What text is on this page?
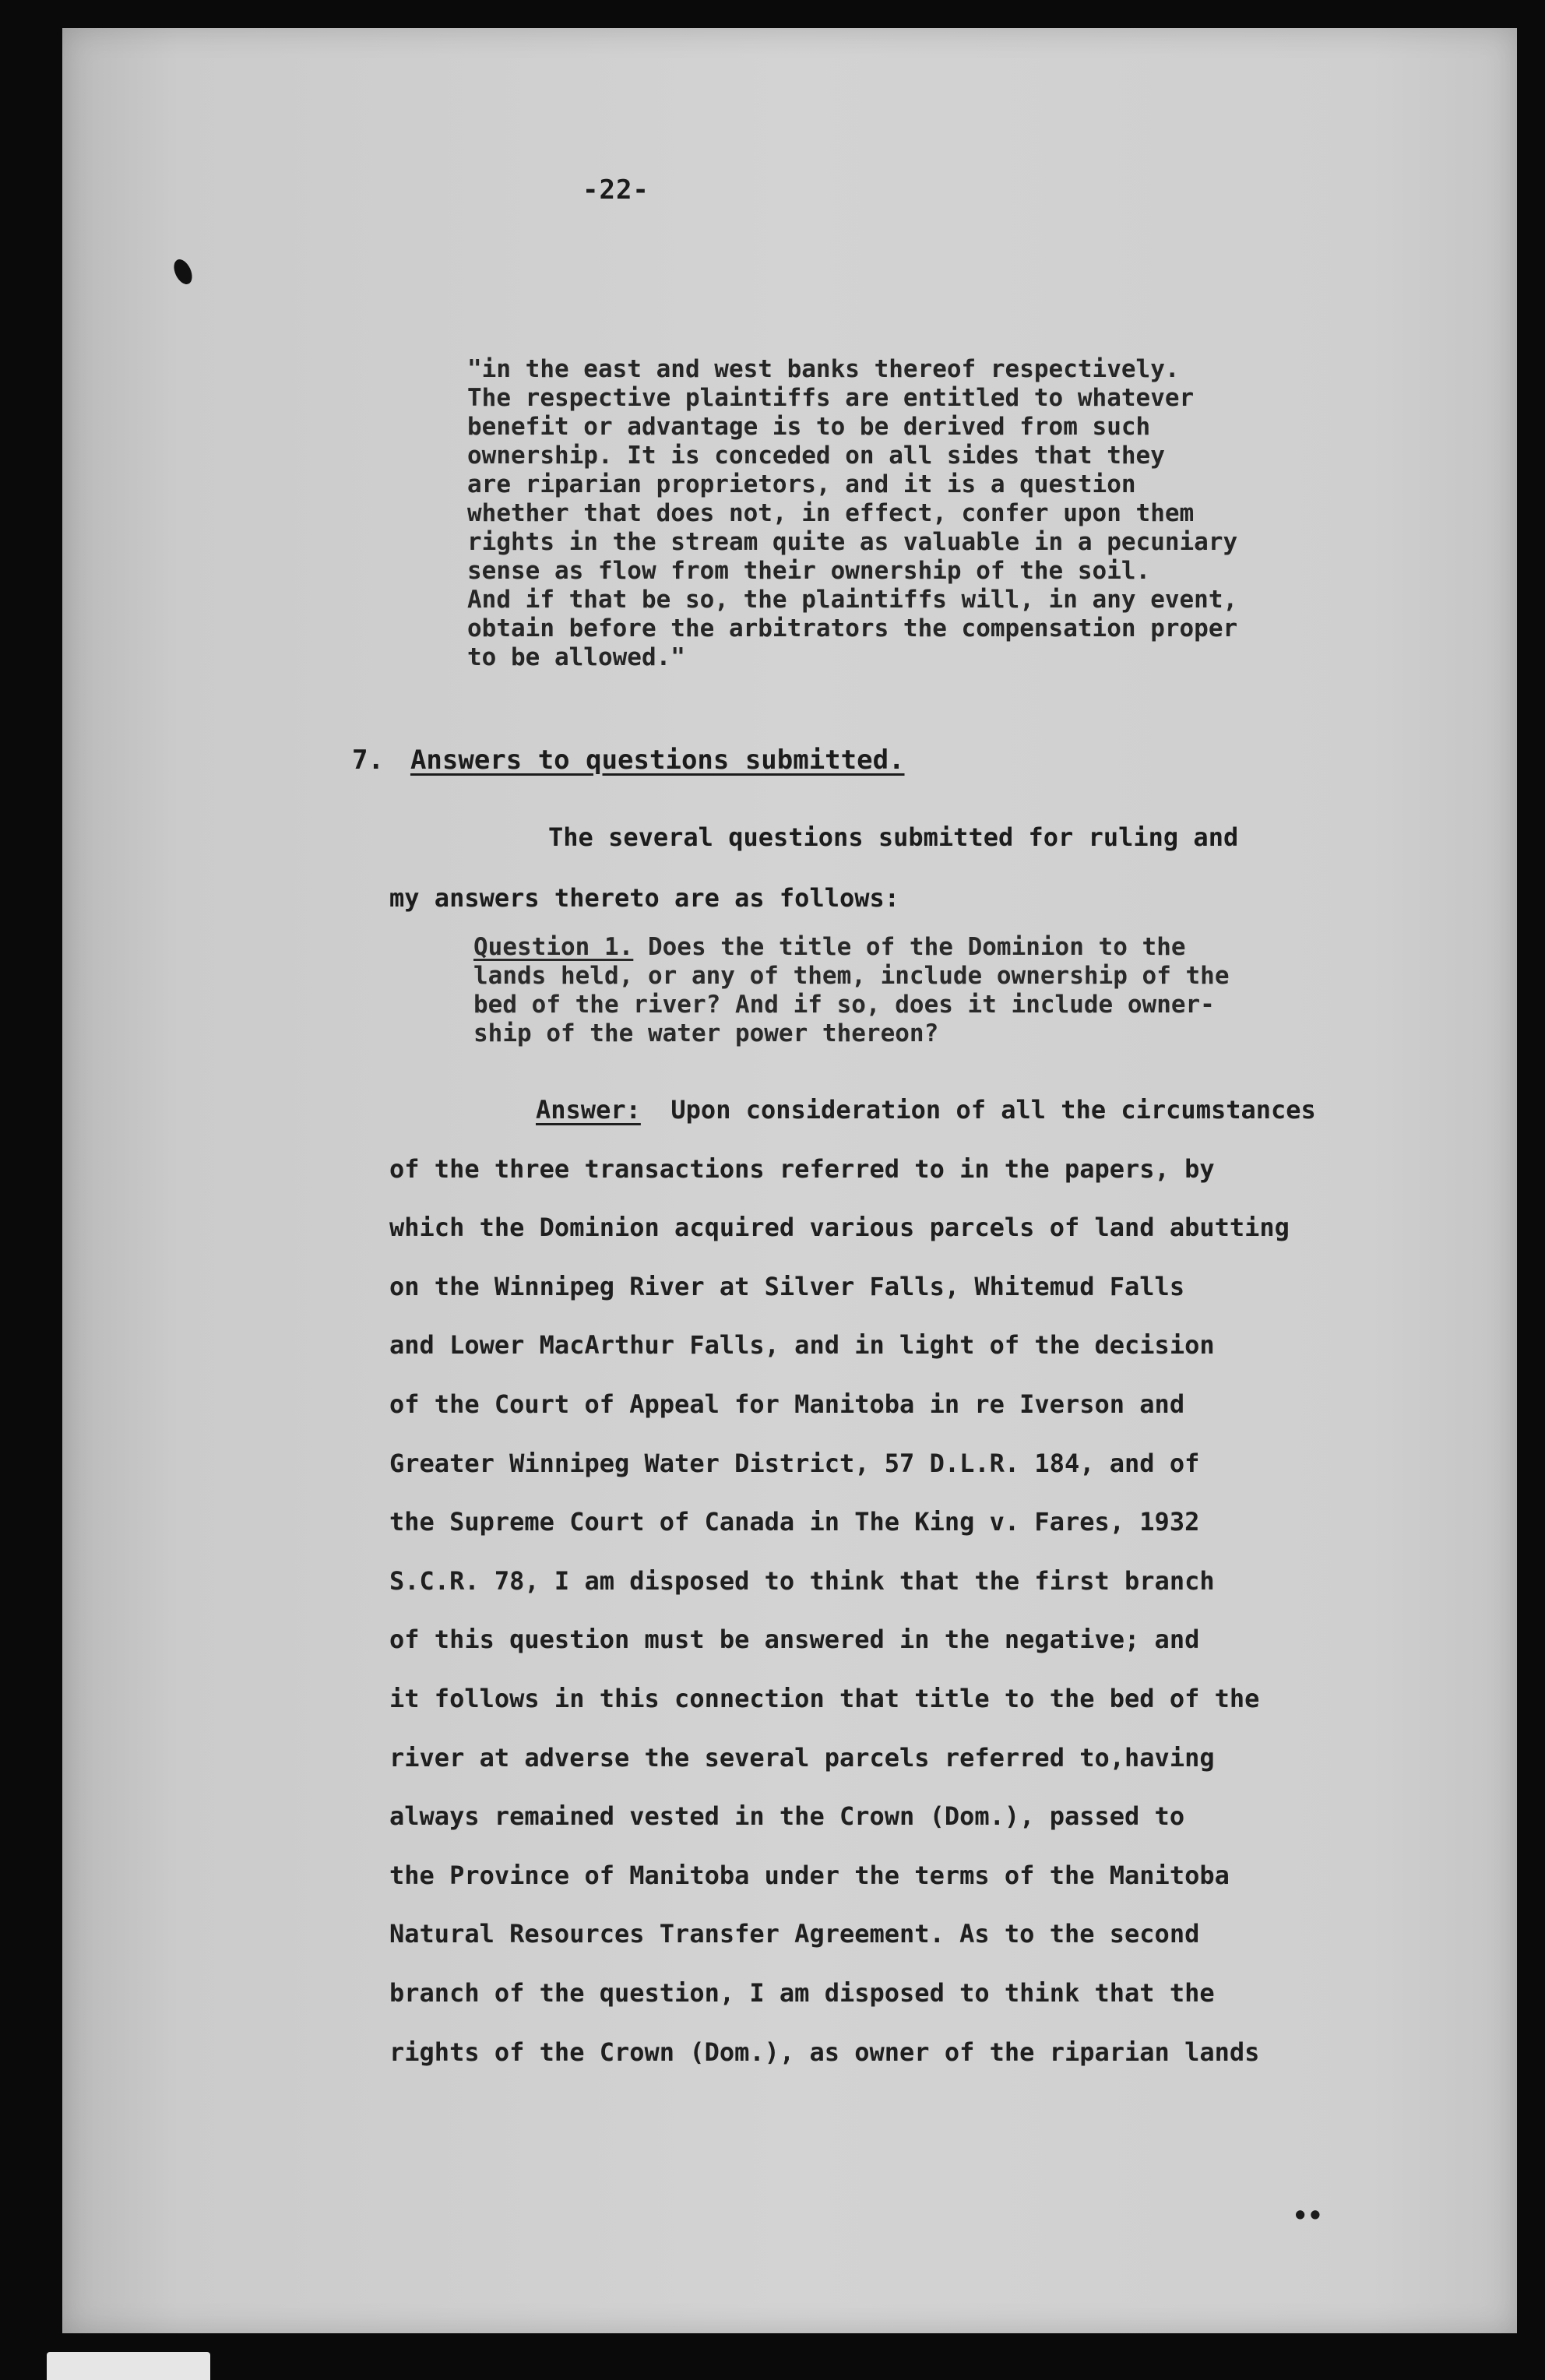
-22-

"in the east and west banks thereof respectively.

The respective plaintiffs are entitled to whatever

benefit or advantage is to be derived from such

ownership. It is conceded on all sides that they

are riparian proprietors, and it is a question

whether that does not, in effect, confer upon them

rights in the stream quite as valuable in a pecuniary

sense as flow from their ownership of the soil.

And if that be so, the plaintiffs will, in any event,

obtain before the arbitrators the compensation proper

to be allowed."

7. Answers to questions submitted.
The several questions submitted for ruling and
my answers thereto are as follows:

Question 1. Does the title of the Dominion to the

lands held, or any of them, include ownership of the

bed of the river? And if so, does it include owner-

ship of the water power thereon?

Answer:  Upon consideration of all the circumstances

of the three transactions referred to in the papers, by

which the Dominion acquired various parcels of land abutting

on the Winnipeg River at Silver Falls, Whitemud Falls

and Lower MacArthur Falls, and in light of the decision

of the Court of Appeal for Manitoba in re Iverson and

Greater Winnipeg Water District, 57 D.L.R. 184, and of

the Supreme Court of Canada in The King v. Fares, 1932

S.C.R. 78, I am disposed to think that the first branch

of this question must be answered in the negative; and

it follows in this connection that title to the bed of the

river at adverse the several parcels referred to,having

always remained vested in the Crown (Dom.), passed to

the Province of Manitoba under the terms of the Manitoba

Natural Resources Transfer Agreement. As to the second

branch of the question, I am disposed to think that the

rights of the Crown (Dom.), as owner of the riparian lands

••
